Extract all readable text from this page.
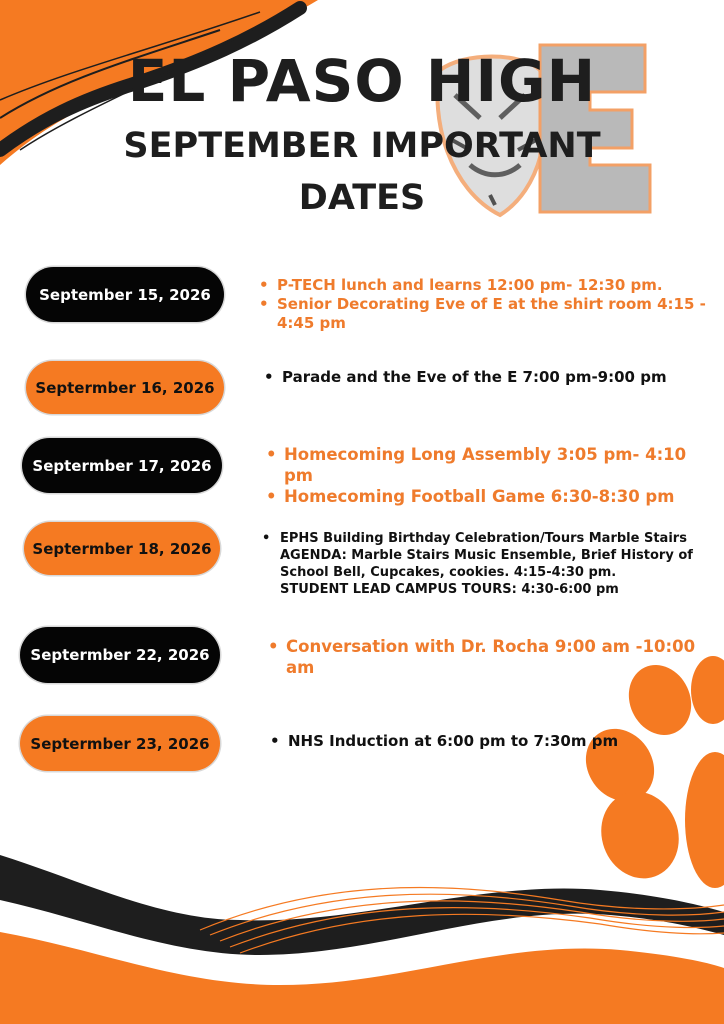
EL PASO HIGH
SEPTEMBER IMPORTANT DATES
September 15, 2026
• P-TECH lunch and learns 12:00 pm- 12:30 pm.
• Senior Decorating Eve of E at the shirt room 4:15 - 4:45 pm
Septermber 16, 2026
• Parade and the Eve of the E 7:00 pm-9:00 pm
Septermber 17, 2026
• Homecoming Long Assembly 3:05 pm- 4:10 pm
• Homecoming Football Game 6:30-8:30 pm
Septermber 18, 2026
• EPHS Building Birthday Celebration/Tours Marble Stairs
AGENDA: Marble Stairs Music Ensemble, Brief History of
School Bell, Cupcakes, cookies. 4:15-4:30 pm.
STUDENT LEAD CAMPUS TOURS: 4:30-6:00 pm
Septermber 22, 2026	• Conversation with Dr. Rocha 9:00 am -10:00 am
Septermber 23, 2026	• NHS Induction at 6:00 pm to 7:30m pm
